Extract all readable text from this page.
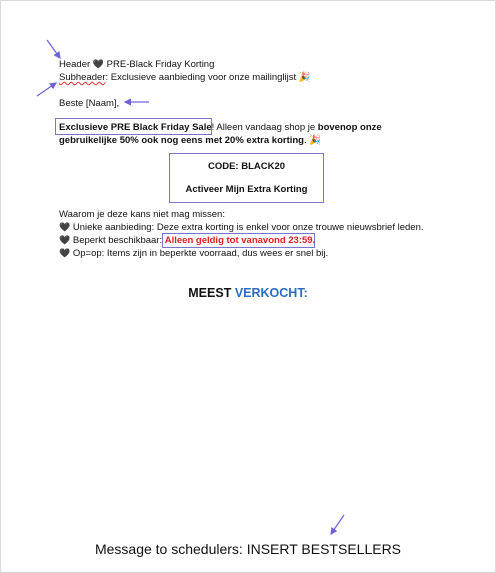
Header 🖤 PRE-Black Friday Korting
Subheader: Exclusieve aanbieding voor onze mailinglijst 🎉
Beste [Naam],
Exclusieve PRE Black Friday Sale! Alleen vandaag shop je bovenop onze
gebruikelijke 50% ook nog eens met 20% extra korting. 🎉
CODE: BLACK20
Activeer Mijn Extra Korting
Waarom je deze kans niet mag missen:
🖤 Unieke aanbieding: Deze extra korting is enkel voor onze trouwe nieuwsbrief leden.
🖤 Beperkt beschikbaar: Alleen geldig tot vanavond 23:59.
🖤 Op=op: Items zijn in beperkte voorraad, dus wees er snel bij.
MEEST VERKOCHT:
Message to schedulers: INSERT BESTSELLERS
